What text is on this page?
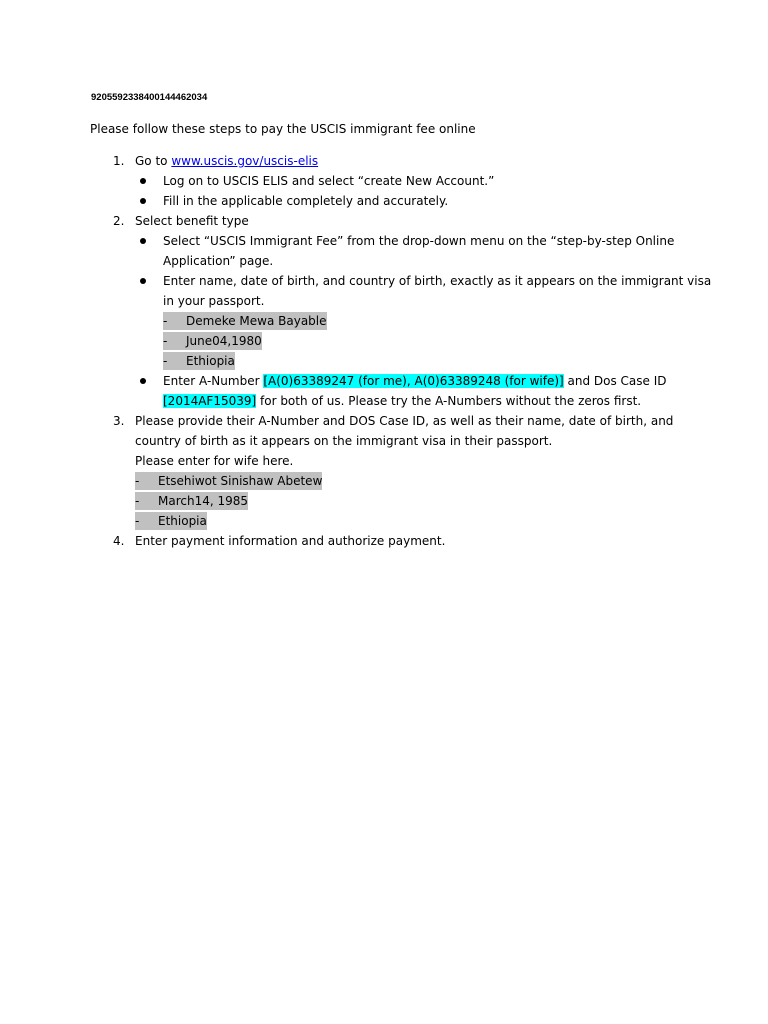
9205592338400144462034
Please follow these steps to pay the USCIS immigrant fee online
1. Go to www.uscis.gov/uscis-elis
Log on to USCIS ELIS and select “create New Account.”
Fill in the applicable completely and accurately.
2. Select benefit type
Select “USCIS Immigrant Fee” from the drop-down menu on the “step-by-step Online
Application” page.
Enter name, date of birth, and country of birth, exactly as it appears on the immigrant visa
in your passport.
- Demeke Mewa Bayable
- June04,1980
- Ethiopia
Enter A-Number [A(0)63389247 (for me), A(0)63389248 (for wife)] and Dos Case ID
[2014AF15039] for both of us. Please try the A-Numbers without the zeros first.
3. Please provide their A-Number and DOS Case ID, as well as their name, date of birth, and
country of birth as it appears on the immigrant visa in their passport.
Please enter for wife here.
- Etsehiwot Sinishaw Abetew
- March14, 1985
- Ethiopia
4. Enter payment information and authorize payment.
